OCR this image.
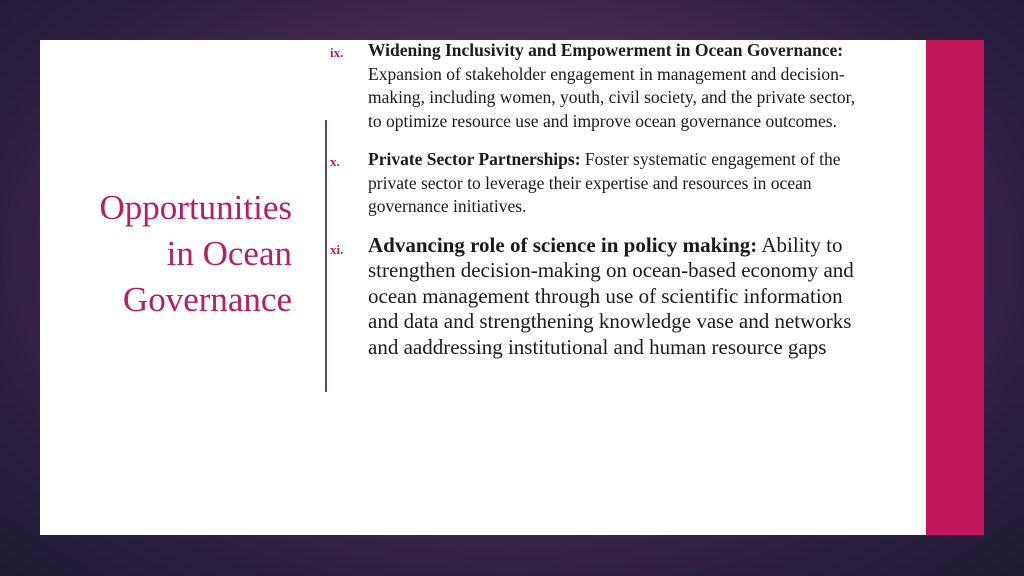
Opportunities
in Ocean
Governance
ix.	Widening Inclusivity and Empowerment in Ocean Governance: Expansion of stakeholder engagement in management and decision-making, including women, youth, civil society, and the private sector, to optimize resource use and improve ocean governance outcomes.
x.	Private Sector Partnerships: Foster systematic engagement of the private sector to leverage their expertise and resources in ocean governance initiatives.
xi.	Advancing role of science in policy making: Ability to strengthen decision-making on ocean-based economy and ocean management through use of scientific information and data and strengthening knowledge vase and networks and aaddressing institutional and human resource gaps
